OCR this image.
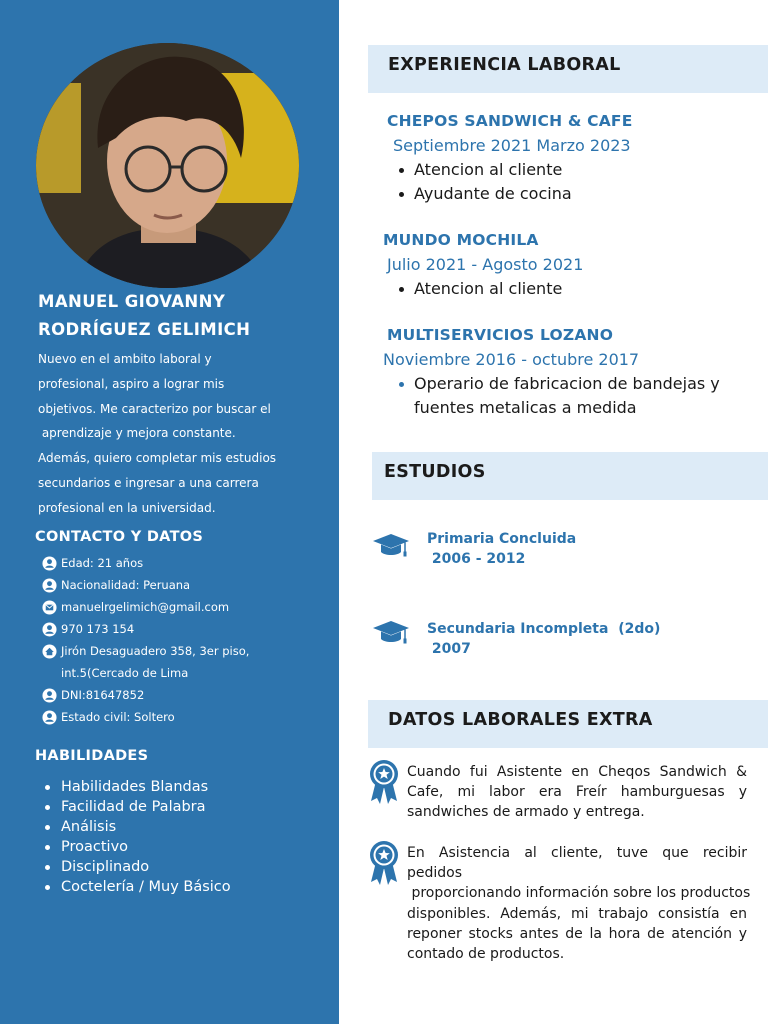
MANUEL GIOVANNY
RODRÍGUEZ GELIMICH
Nuevo en el ambito laboral y
profesional, aspiro a lograr mis
objetivos. Me caracterizo por buscar el
aprendizaje y mejora constante.
Además, quiero completar mis estudios
secundarios e ingresar a una carrera
profesional en la universidad.
CONTACTO Y DATOS
Edad: 21 años
Nacionalidad: Peruana
manuelrgelimich@gmail.com
970 173 154
Jirón Desaguadero 358, 3er piso,
int.5(Cercado de Lima
DNI:81647852
Estado civil: Soltero
HABILIDADES
Habilidades Blandas
Facilidad de Palabra
Análisis
Proactivo
Disciplinado
Coctelería / Muy Básico
EXPERIENCIA LABORAL
CHEPOS SANDWICH & CAFE
Septiembre 2021 Marzo 2023
Atencion al cliente
Ayudante de cocina
MUNDO MOCHILA
Julio 2021 - Agosto 2021
Atencion al cliente
MULTISERVICIOS LOZANO
Noviembre 2016 - octubre 2017
Operario de fabricacion de bandejas y
fuentes metalicas a medida
ESTUDIOS
Primaria Concluida
2006 - 2012
Secundaria Incompleta  (2do)
2007
DATOS LABORALES EXTRA
Cuando fui Asistente en Cheqos Sandwich &
Cafe, mi labor era Freír hamburguesas y
sandwiches de armado y entrega.
En Asistencia al cliente, tuve que recibir pedidos
proporcionando información sobre los productos
disponibles. Además, mi trabajo consistía en
reponer stocks antes de la hora de atención y
contado de productos.
